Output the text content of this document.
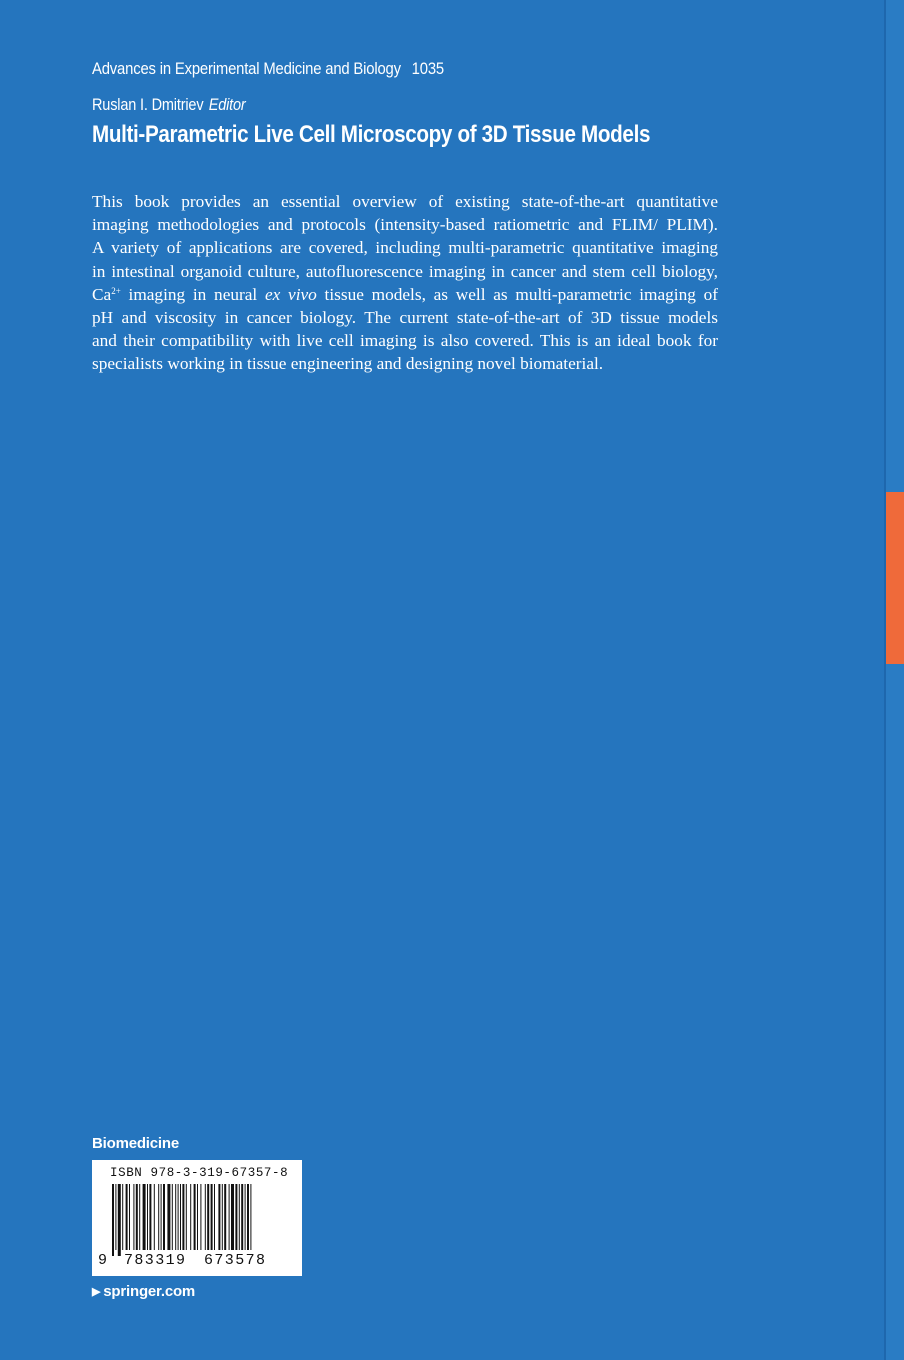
Advances in Experimental Medicine and Biology 1035
Ruslan I. Dmitriev Editor
Multi-Parametric Live Cell Microscopy of 3D Tissue Models

This book provides an essential overview of existing state-of-the-art quantitative
imaging methodologies and protocols (intensity-based ratiometric and FLIM/ PLIM).
A variety of applications are covered, including multi-parametric quantitative imaging
in intestinal organoid culture, autofluorescence imaging in cancer and stem cell biology,
$Ca^{2+}$ imaging in neural ex vivo tissue models, as well as multi-parametric imaging of
pH and viscosity in cancer biology. The current state-of-the-art of 3D tissue models
and their compatibility with live cell imaging is also covered. This is an ideal book for
specialists working in tissue engineering and designing novel biomaterial.

Biomedicine
ISBN 978-3-319-67357-8
9 783319 673578
▶ springer.com
